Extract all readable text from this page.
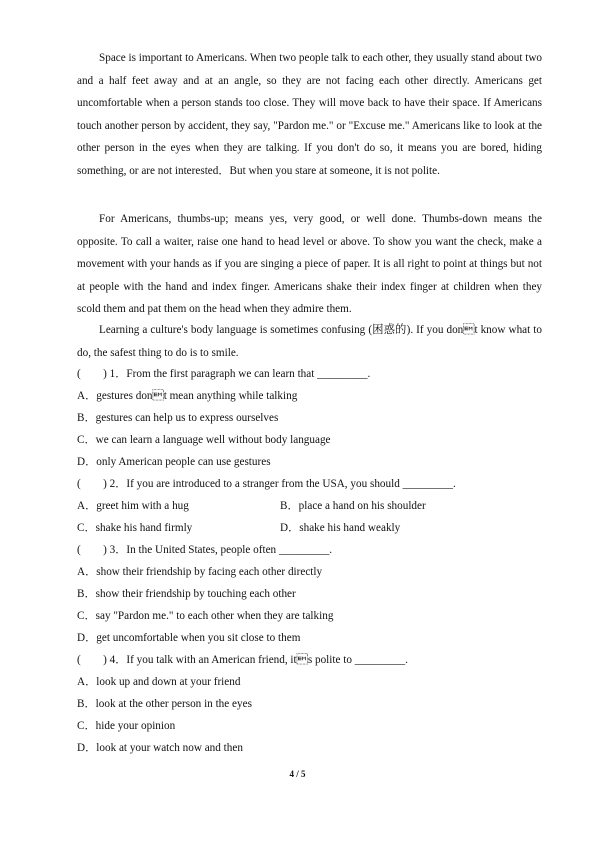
Space is important to Americans. When two people talk to each other, they usually stand about two and a half feet away and at an angle, so they are not facing each other directly. Americans get uncomfortable when a person stands too close. They will move back to have their space. If Americans touch another person by accident, they say, "Pardon me." or "Excuse me." Americans like to look at the other person in the eyes when they are talking. If you don't do so, it means you are bored, hiding something, or are not interested．But when you stare at someone, it is not polite.

For Americans, thumbs-up; means yes, very good, or well done. Thumbs-down means the opposite. To call a waiter, raise one hand to head level or above. To show you want the check, make a movement with your hands as if you are singing a piece of paper. It is all right to point at things but not at people with the hand and index finger. Americans shake their index finger at children when they scold them and pat them on the head when they admire them.

Learning a culture's body language is sometimes confusing (困惑的). If you dont know what to do, the safest thing to do is to smile.

(　　) 1．From the first paragraph we can learn that _________.
A．gestures dont mean anything while talking
B．gestures can help us to express ourselves
C．we can learn a language well without body language
D．only American people can use gestures
(　　) 2．If you are introduced to a stranger from the USA, you should _________.
A．greet him with a hug	B．place a hand on his shoulder
C．shake his hand firmly	D．shake his hand weakly
(　　) 3．In the United States, people often _________.
A．show their friendship by facing each other directly
B．show their friendship by touching each other
C．say "Pardon me." to each other when they are talking
D．get uncomfortable when you sit close to them
(　　) 4．If you talk with an American friend, its polite to _________.
A．look up and down at your friend
B．look at the other person in the eyes
C．hide your opinion
D．look at your watch now and then
4 / 5
